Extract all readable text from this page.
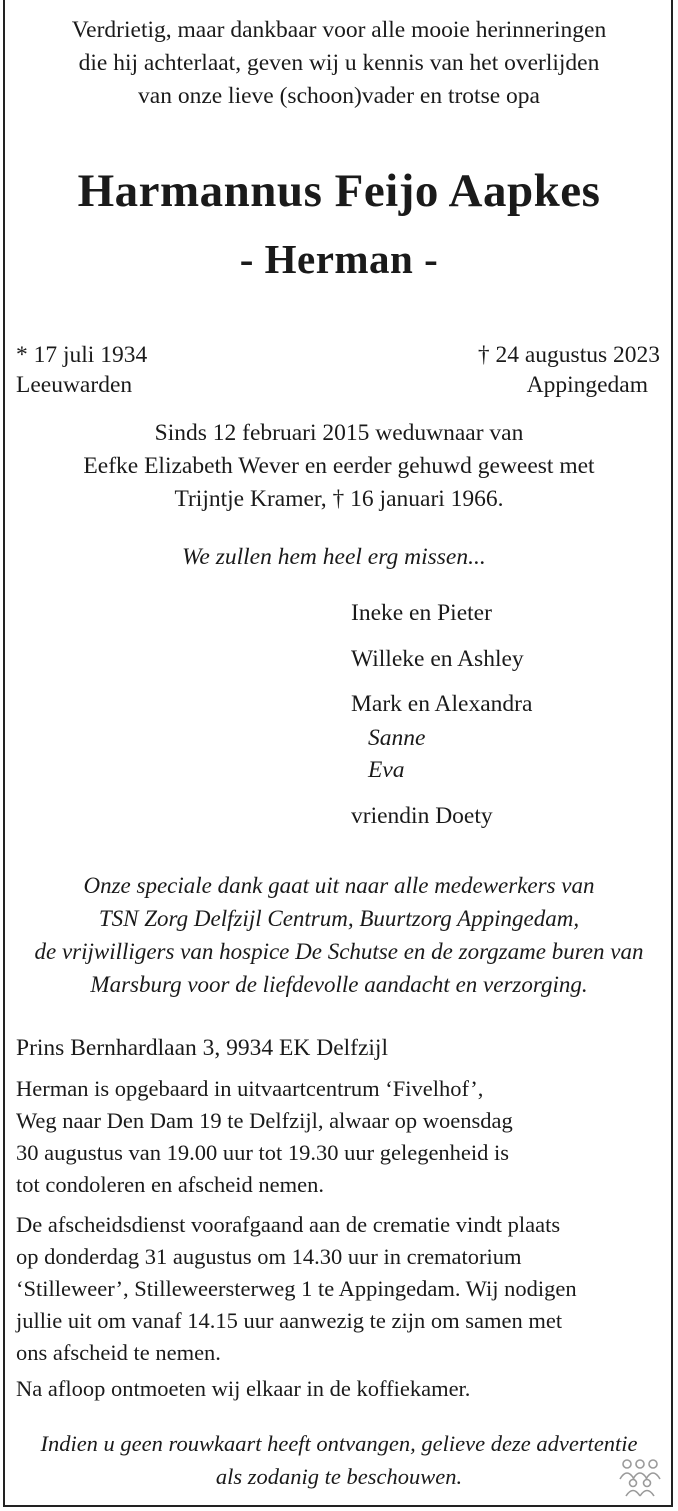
Verdrietig, maar dankbaar voor alle mooie herinneringen
die hij achterlaat, geven wij u kennis van het overlijden
van onze lieve (schoon)vader en trotse opa
Harmannus Feijo Aapkes
- Herman -
* 17 juli 1934
Leeuwarden
† 24 augustus 2023
Appingedam
Sinds 12 februari 2015 weduwnaar van
Eefke Elizabeth Wever en eerder gehuwd geweest met
Trijntje Kramer, † 16 januari 1966.
We zullen hem heel erg missen...
Ineke en Pieter
Willeke en Ashley
Mark en Alexandra
Sanne
Eva
vriendin Doety
Onze speciale dank gaat uit naar alle medewerkers van
TSN Zorg Delfzijl Centrum, Buurtzorg Appingedam,
de vrijwilligers van hospice De Schutse en de zorgzame buren van
Marsburg voor de liefdevolle aandacht en verzorging.
Prins Bernhardlaan 3, 9934 EK Delfzijl
Herman is opgebaard in uitvaartcentrum ‘Fivelhof’,
Weg naar Den Dam 19 te Delfzijl, alwaar op woensdag
30 augustus van 19.00 uur tot 19.30 uur gelegenheid is
tot condoleren en afscheid nemen.
De afscheidsdienst voorafgaand aan de crematie vindt plaats
op donderdag 31 augustus om 14.30 uur in crematorium
‘Stilleweer’, Stilleweersterweg 1 te Appingedam. Wij nodigen
jullie uit om vanaf 14.15 uur aanwezig te zijn om samen met
ons afscheid te nemen.
Na afloop ontmoeten wij elkaar in de koffiekamer.
Indien u geen rouwkaart heeft ontvangen, gelieve deze advertentie
als zodanig te beschouwen.
